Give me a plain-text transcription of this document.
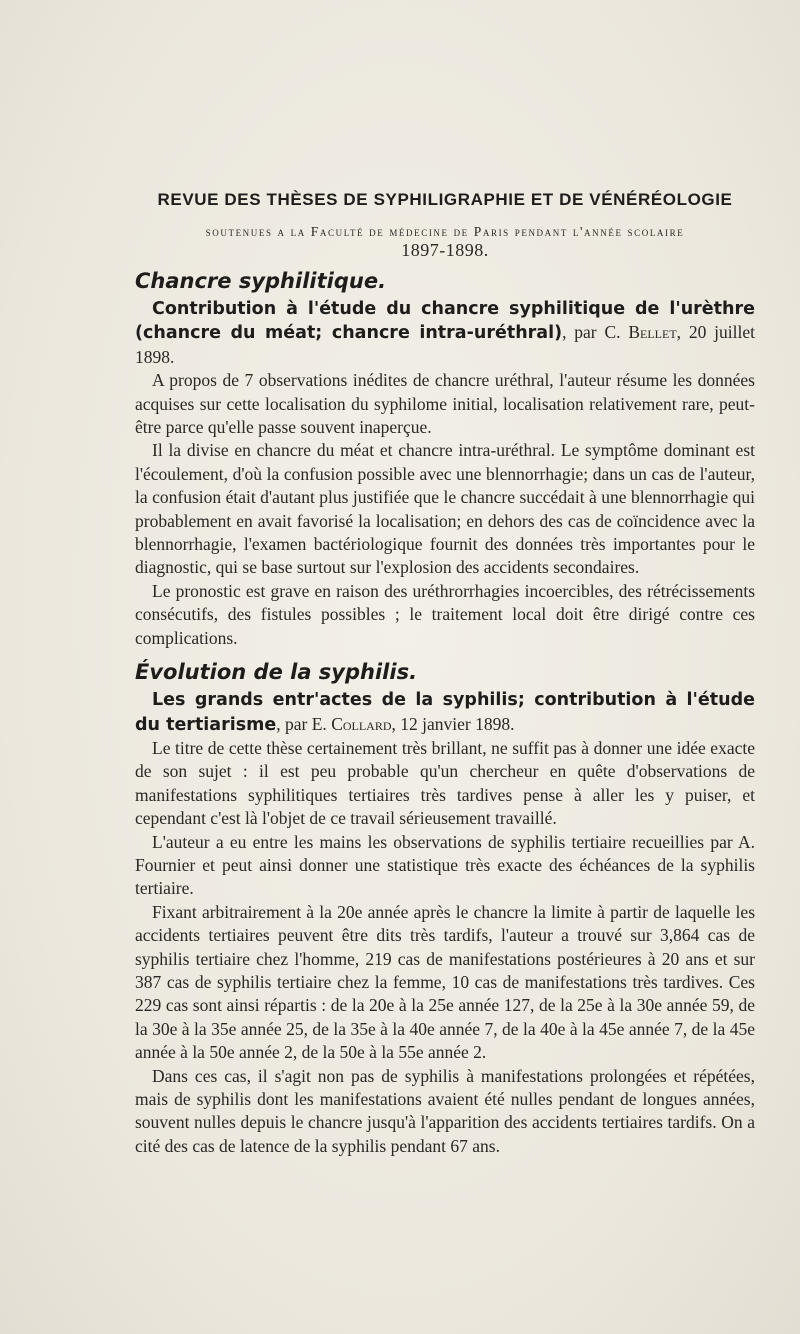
REVUE DES THÈSES DE SYPHILIGRAPHIE ET DE VÉNÉRÉOLOGIE
soutenues a la Faculté de médecine de Paris pendant l'année scolaire
1897-1898.
Chancre syphilitique.

Contribution à l'étude du chancre syphilitique de l'urèthre (chancre du méat; chancre intra-uréthral), par C. Bellet, 20 juillet 1898.

A propos de 7 observations inédites de chancre uréthral, l'auteur résume les données acquises sur cette localisation du syphilome initial, localisation relativement rare, peut-être parce qu'elle passe souvent inaperçue.

Il la divise en chancre du méat et chancre intra-uréthral. Le symptôme dominant est l'écoulement, d'où la confusion possible avec une blennorrhagie; dans un cas de l'auteur, la confusion était d'autant plus justifiée que le chancre succédait à une blennorrhagie qui probablement en avait favorisé la localisation; en dehors des cas de coïncidence avec la blennorrhagie, l'examen bactériologique fournit des données très importantes pour le diagnostic, qui se base surtout sur l'explosion des accidents secondaires.

Le pronostic est grave en raison des uréthrorrhagies incoercibles, des rétrécissements consécutifs, des fistules possibles ; le traitement local doit être dirigé contre ces complications.

Évolution de la syphilis.

Les grands entr'actes de la syphilis; contribution à l'étude du tertiarisme, par E. Collard, 12 janvier 1898.

Le titre de cette thèse certainement très brillant, ne suffit pas à donner une idée exacte de son sujet : il est peu probable qu'un chercheur en quête d'observations de manifestations syphilitiques tertiaires très tardives pense à aller les y puiser, et cependant c'est là l'objet de ce travail sérieusement travaillé.

L'auteur a eu entre les mains les observations de syphilis tertiaire recueillies par A. Fournier et peut ainsi donner une statistique très exacte des échéances de la syphilis tertiaire.

Fixant arbitrairement à la 20e année après le chancre la limite à partir de laquelle les accidents tertiaires peuvent être dits très tardifs, l'auteur a trouvé sur 3,864 cas de syphilis tertiaire chez l'homme, 219 cas de manifestations postérieures à 20 ans et sur 387 cas de syphilis tertiaire chez la femme, 10 cas de manifestations très tardives. Ces 229 cas sont ainsi répartis : de la 20e à la 25e année 127, de la 25e à la 30e année 59, de la 30e à la 35e année 25, de la 35e à la 40e année 7, de la 40e à la 45e année 7, de la 45e année à la 50e année 2, de la 50e à la 55e année 2.

Dans ces cas, il s'agit non pas de syphilis à manifestations prolongées et répétées, mais de syphilis dont les manifestations avaient été nulles pendant de longues années, souvent nulles depuis le chancre jusqu'à l'apparition des accidents tertiaires tardifs. On a cité des cas de latence de la syphilis pendant 67 ans.
